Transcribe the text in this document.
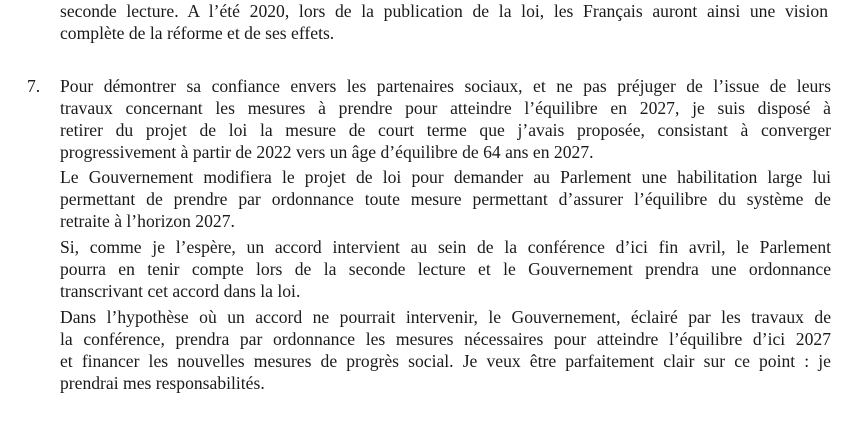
seconde lecture. A l’été 2020, lors de la publication de la loi, les Français auront ainsi une vision
complète de la réforme et de ses effets.
7. Pour démontrer sa confiance envers les partenaires sociaux, et ne pas préjuger de l’issue de leurs
travaux concernant les mesures à prendre pour atteindre l’équilibre en 2027, je suis disposé à
retirer du projet de loi la mesure de court terme que j’avais proposée, consistant à converger
progressivement à partir de 2022 vers un âge d’équilibre de 64 ans en 2027.
Le Gouvernement modifiera le projet de loi pour demander au Parlement une habilitation large lui
permettant de prendre par ordonnance toute mesure permettant d’assurer l’équilibre du système de
retraite à l’horizon 2027.
Si, comme je l’espère, un accord intervient au sein de la conférence d’ici fin avril, le Parlement
pourra en tenir compte lors de la seconde lecture et le Gouvernement prendra une ordonnance
transcrivant cet accord dans la loi.
Dans l’hypothèse où un accord ne pourrait intervenir, le Gouvernement, éclairé par les travaux de
la conférence, prendra par ordonnance les mesures nécessaires pour atteindre l’équilibre d’ici 2027
et financer les nouvelles mesures de progrès social. Je veux être parfaitement clair sur ce point : je
prendrai mes responsabilités.
